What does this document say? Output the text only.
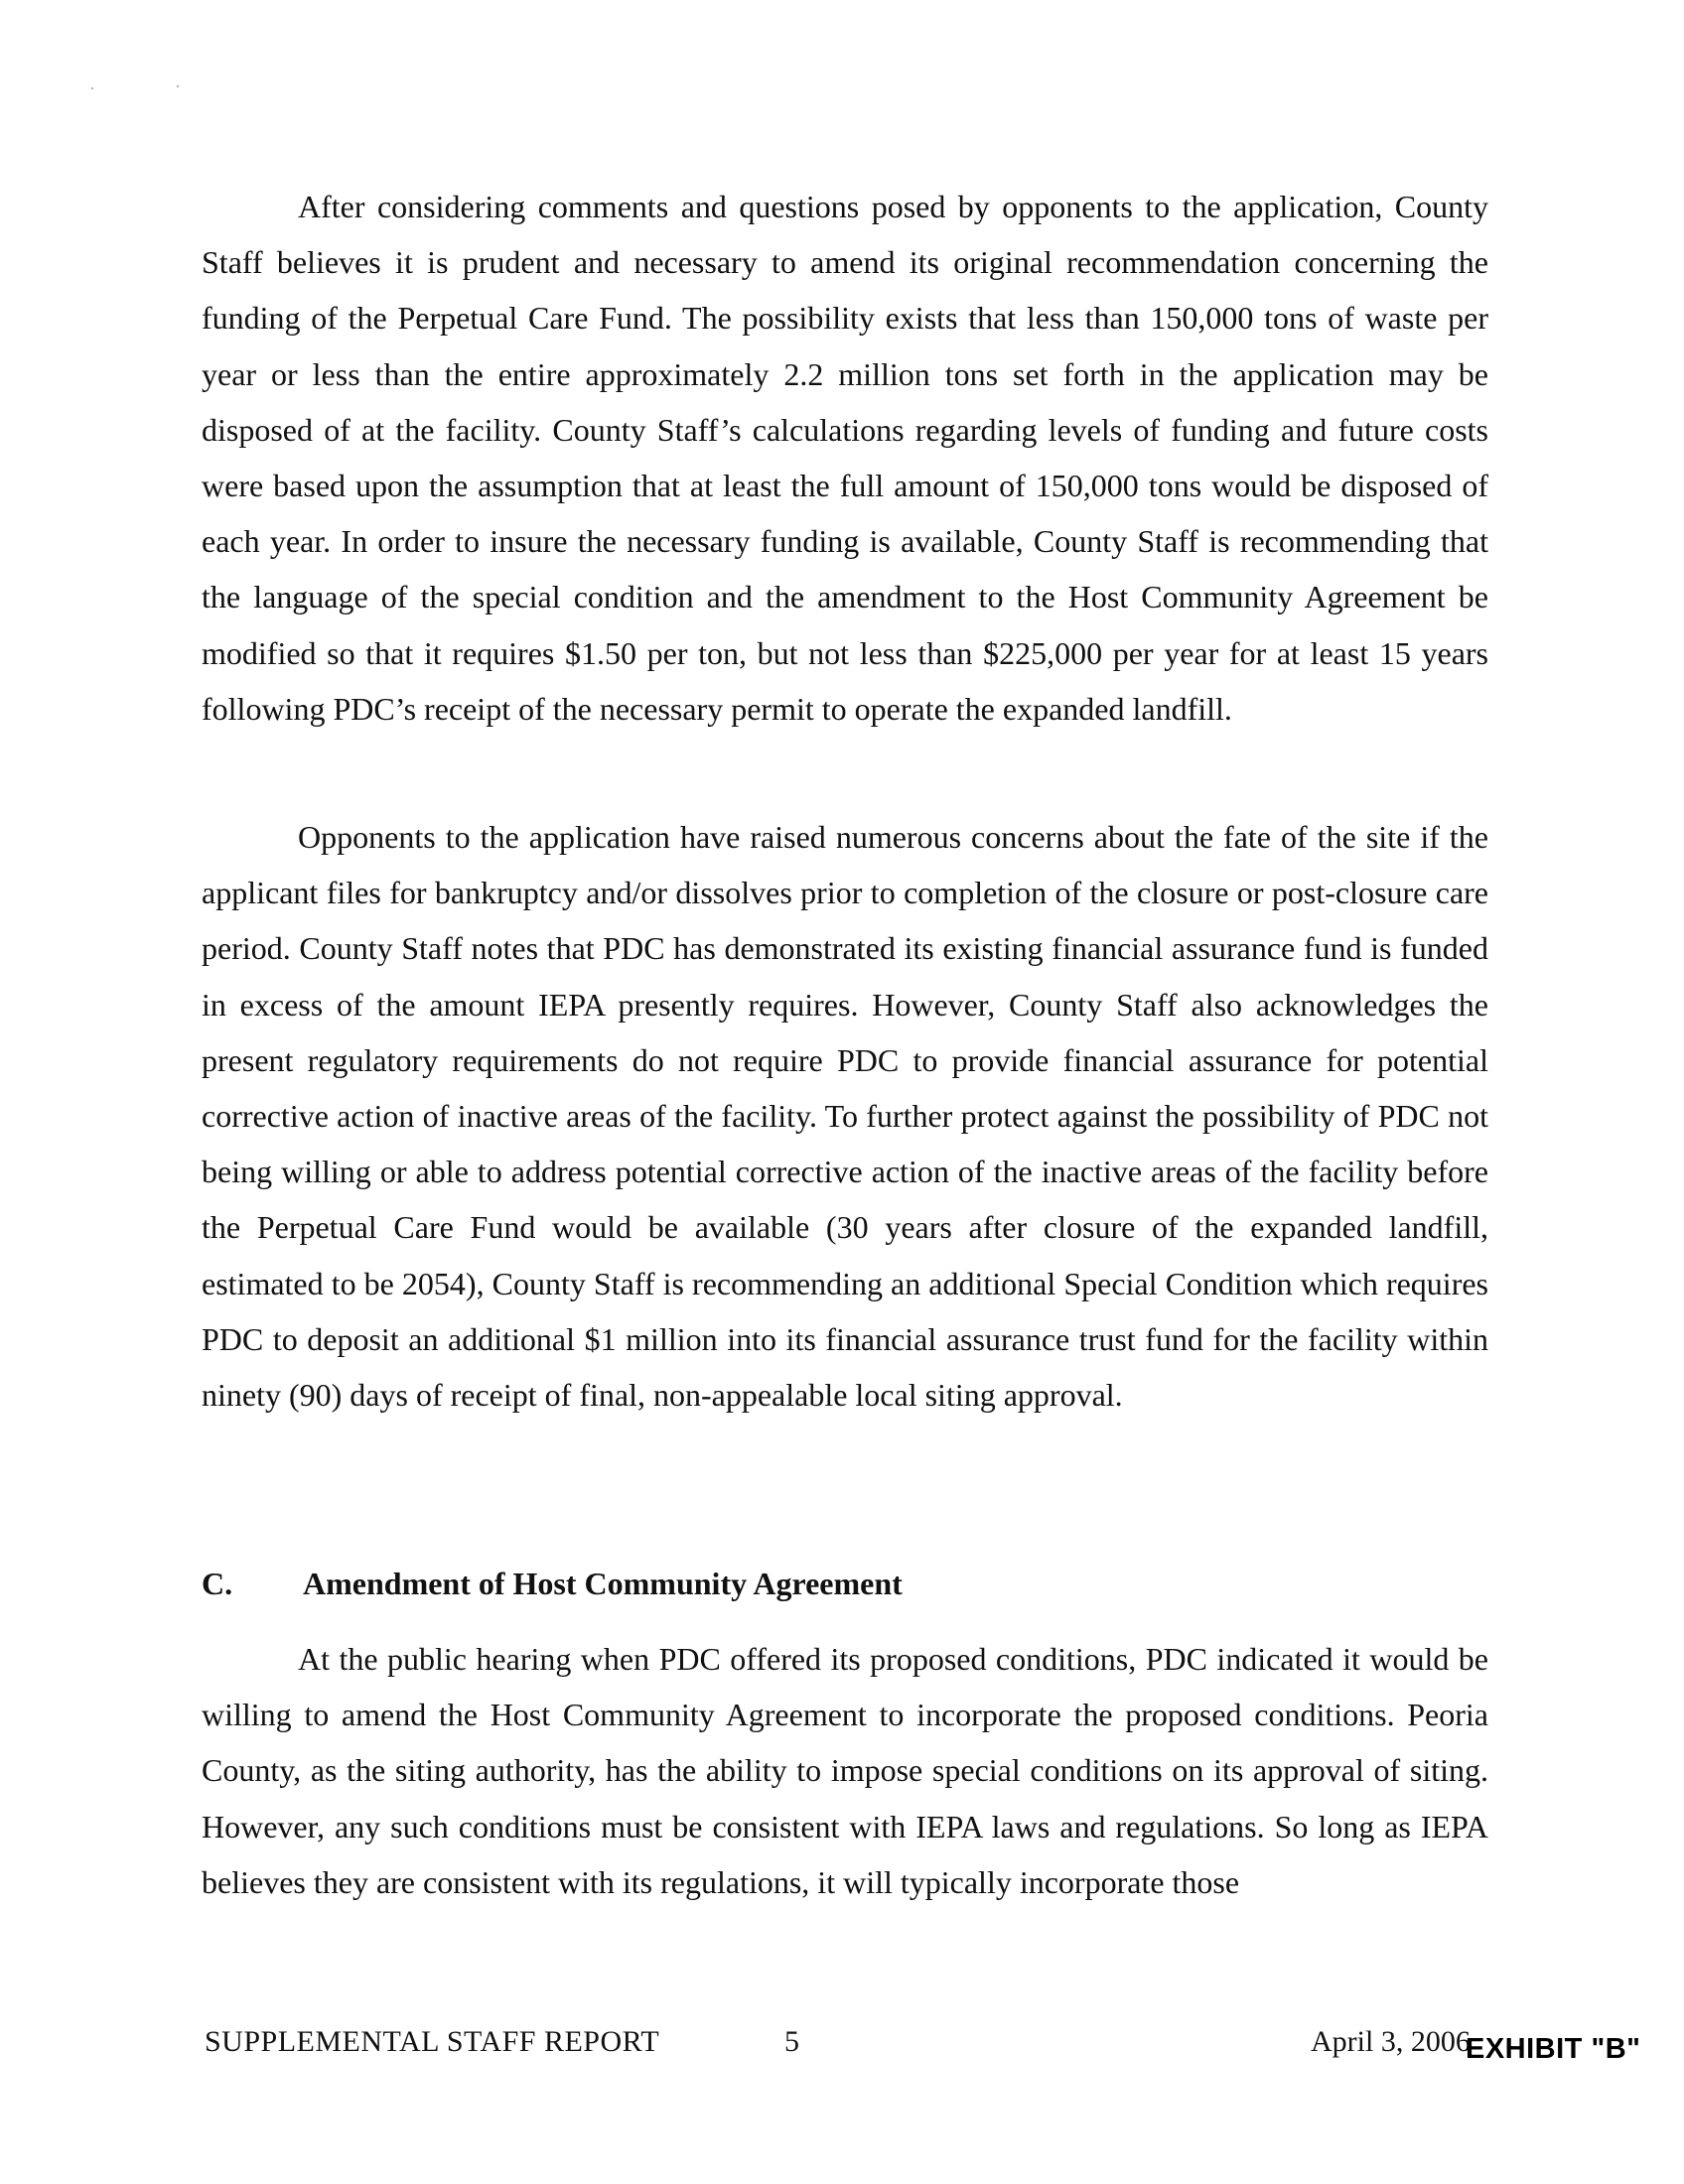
After considering comments and questions posed by opponents to the application, County Staff believes it is prudent and necessary to amend its original recommendation concerning the funding of the Perpetual Care Fund. The possibility exists that less than 150,000 tons of waste per year or less than the entire approximately 2.2 million tons set forth in the application may be disposed of at the facility. County Staff’s calculations regarding levels of funding and future costs were based upon the assumption that at least the full amount of 150,000 tons would be disposed of each year. In order to insure the necessary funding is available, County Staff is recommending that the language of the special condition and the amendment to the Host Community Agreement be modified so that it requires $1.50 per ton, but not less than $225,000 per year for at least 15 years following PDC’s receipt of the necessary permit to operate the expanded landfill.

Opponents to the application have raised numerous concerns about the fate of the site if the applicant files for bankruptcy and/or dissolves prior to completion of the closure or post-closure care period. County Staff notes that PDC has demonstrated its existing financial assurance fund is funded in excess of the amount IEPA presently requires. However, County Staff also acknowledges the present regulatory requirements do not require PDC to provide financial assurance for potential corrective action of inactive areas of the facility. To further protect against the possibility of PDC not being willing or able to address potential corrective action of the inactive areas of the facility before the Perpetual Care Fund would be available (30 years after closure of the expanded landfill, estimated to be 2054), County Staff is recommending an additional Special Condition which requires PDC to deposit an additional $1 million into its financial assurance trust fund for the facility within ninety (90) days of receipt of final, non-appealable local siting approval.

C. Amendment of Host Community Agreement

At the public hearing when PDC offered its proposed conditions, PDC indicated it would be willing to amend the Host Community Agreement to incorporate the proposed conditions. Peoria County, as the siting authority, has the ability to impose special conditions on its approval of siting. However, any such conditions must be consistent with IEPA laws and regulations. So long as IEPA believes they are consistent with its regulations, it will typically incorporate those

SUPPLEMENTAL STAFF REPORT	5	April 3, 2006
EXHIBIT "B"
